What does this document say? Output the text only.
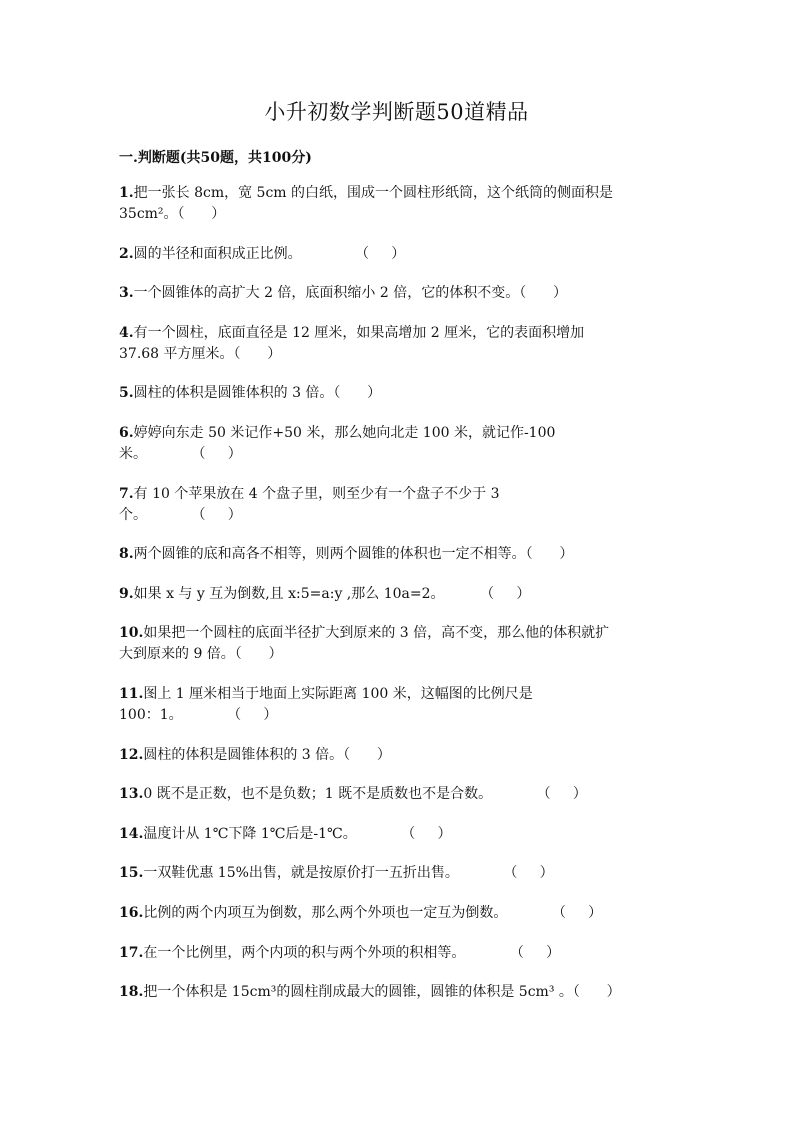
小升初数学判断题50道精品
一.判断题(共50题，共100分)
1.把一张长 8cm，宽 5cm 的白纸，围成一个圆柱形纸筒，这个纸筒的侧面积是
35cm²。（      ）
2.圆的半径和面积成正比例。            （     ）
3.一个圆锥体的高扩大 2 倍，底面积缩小 2 倍，它的体积不变。（      ）
4.有一个圆柱，底面直径是 12 厘米，如果高增加 2 厘米，它的表面积增加
37.68 平方厘米。（      ）
5.圆柱的体积是圆锥体积的 3 倍。（      ）
6.婷婷向东走 50 米记作+50 米，那么她向北走 100 米，就记作-100
米。          （     ）
7.有 10 个苹果放在 4 个盘子里，则至少有一个盘子不少于 3
个。          （     ）
8.两个圆锥的底和高各不相等，则两个圆锥的体积也一定不相等。（      ）
9.如果 x 与 y 互为倒数,且 x:5=a:y ,那么 10a=2。        （     ）
10.如果把一个圆柱的底面半径扩大到原来的 3 倍，高不变，那么他的体积就扩
大到原来的 9 倍。（      ）
11.图上 1 厘米相当于地面上实际距离 100 米，这幅图的比例尺是
100：1。          （     ）
12.圆柱的体积是圆锥体积的 3 倍。（      ）
13.0 既不是正数，也不是负数；1 既不是质数也不是合数。          （     ）
14.温度计从 1℃下降 1℃后是-1℃。          （     ）
15.一双鞋优惠 15%出售，就是按原价打一五折出售。          （     ）
16.比例的两个内项互为倒数，那么两个外项也一定互为倒数。          （     ）
17.在一个比例里，两个内项的积与两个外项的积相等。          （     ）
18.把一个体积是 15cm³的圆柱削成最大的圆锥，圆锥的体积是 5cm³ 。（      ）
